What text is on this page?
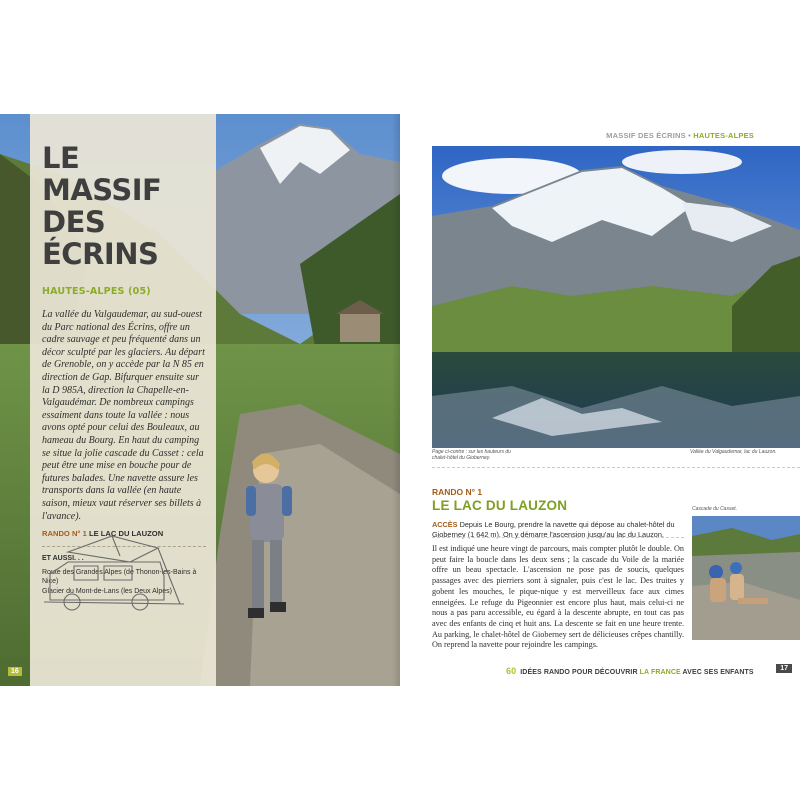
LE MASSIF
DES ÉCRINS
HAUTES-ALPES (05)

La vallée du Valgaudemar, au sud-ouest du Parc national des Écrins, offre un cadre sauvage et peu fréquenté dans un décor sculpté par les glaciers. Au départ de Grenoble, on y accède par la N 85 en direction de Gap. Bifurquer ensuite sur la D 985A, direction la Chapelle-en-Valgaudémar. De nombreux campings essaiment dans toute la vallée : nous avons opté pour celui des Bouleaux, au hameau du Bourg. En haut du camping se situe la jolie cascade du Casset : cela peut être une mise en bouche pour de futures balades. Une navette assure les transports dans la vallée (en haute saison, mieux vaut réserver ses billets à l'avance).

RANDO N° 1 LE LAC DU LAUZON
ET AUSSI. . .
Route des Grandes Alpes (de Thonon-les-Bains à Nice)
Glacier du Mont-de-Lans (les Deux Alpes)
16
MASSIF DES ÉCRINS • HAUTES-ALPES
Page ci-contre : sur les hauteurs du chalet-hôtel du Gioberney.
Vallée du Valgaudemar, lac du Lauzon.
RANDO N° 1
LE LAC DU LAUZON
ACCÈS Depuis Le Bourg, prendre la navette qui dépose au chalet-hôtel du Gioberney (1 642 m). On y démarre l'ascension jusqu'au lac du Lauzon.

Il est indiqué une heure vingt de parcours, mais compter plutôt le double. On peut faire la boucle dans les deux sens ; la cascade du Voile de la mariée offre un beau spectacle. L'ascension ne pose pas de soucis, quelques passages avec des pierriers sont à signaler, puis c'est le lac. Des truites y gobent les mouches, le pique-nique y est merveilleux face aux cimes enneigées. Le refuge du Pigeonnier est encore plus haut, mais celui-ci ne nous a pas paru accessible, eu égard à la descente abrupte, en tout cas pas avec des enfants de cinq et huit ans. La descente se fait en une heure trente. Au parking, le chalet-hôtel de Gioberney sert de délicieuses crêpes chantilly. On reprend la navette pour rejoindre les campings.

Cascade du Casset.
60 IDÉES RANDO POUR DÉCOUVRIR LA FRANCE AVEC SES ENFANTS
17
